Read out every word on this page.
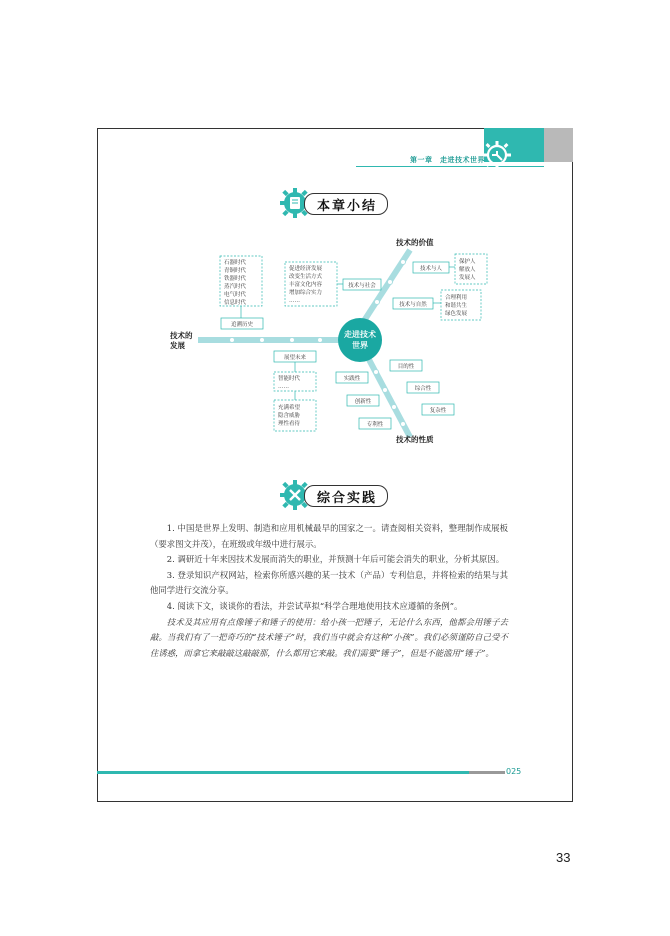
第一章　走进技术世界
本章小结
走进技术
世界
技术的价值
技术的
发展
技术的性质
石器时代
青铜时代
铁器时代
蒸汽时代
电气时代
信息时代
追溯历史
展望未来
智能时代
……
充满希望
隐含威胁
理性看待
促进经济发展
改变生活方式
丰富文化内容
增加综合实力
……
技术与社会
技术与人
保护人
解放人
发展人
技术与自然
合理利用
和谐共生
绿色发展
目的性
实践性
综合性
创新性
复杂性
专利性
综合实践

1. 中国是世界上发明、制造和应用机械最早的国家之一。请查阅相关资料，整理制作成展板（要求图文并茂），在班级或年级中进行展示。

2. 调研近十年来因技术发展而消失的职业，并预测十年后可能会消失的职业，分析其原因。

3. 登录知识产权网站，检索你所感兴趣的某一技术（产品）专利信息，并将检索的结果与其他同学进行交流分享。

4. 阅读下文，谈谈你的看法，并尝试草拟“科学合理地使用技术应遵循的条例”。

技术及其应用有点像锤子和锤子的使用：给小孩一把锤子，无论什么东西，他都会用锤子去敲。当我们有了一把奇巧的“技术锤子”时，我们当中就会有这种“小孩”。我们必须谨防自己受不住诱惑，而拿它来敲敲这敲敲那，什么都用它来敲。我们需要“锤子”，但是不能滥用“锤子”。

025
33
